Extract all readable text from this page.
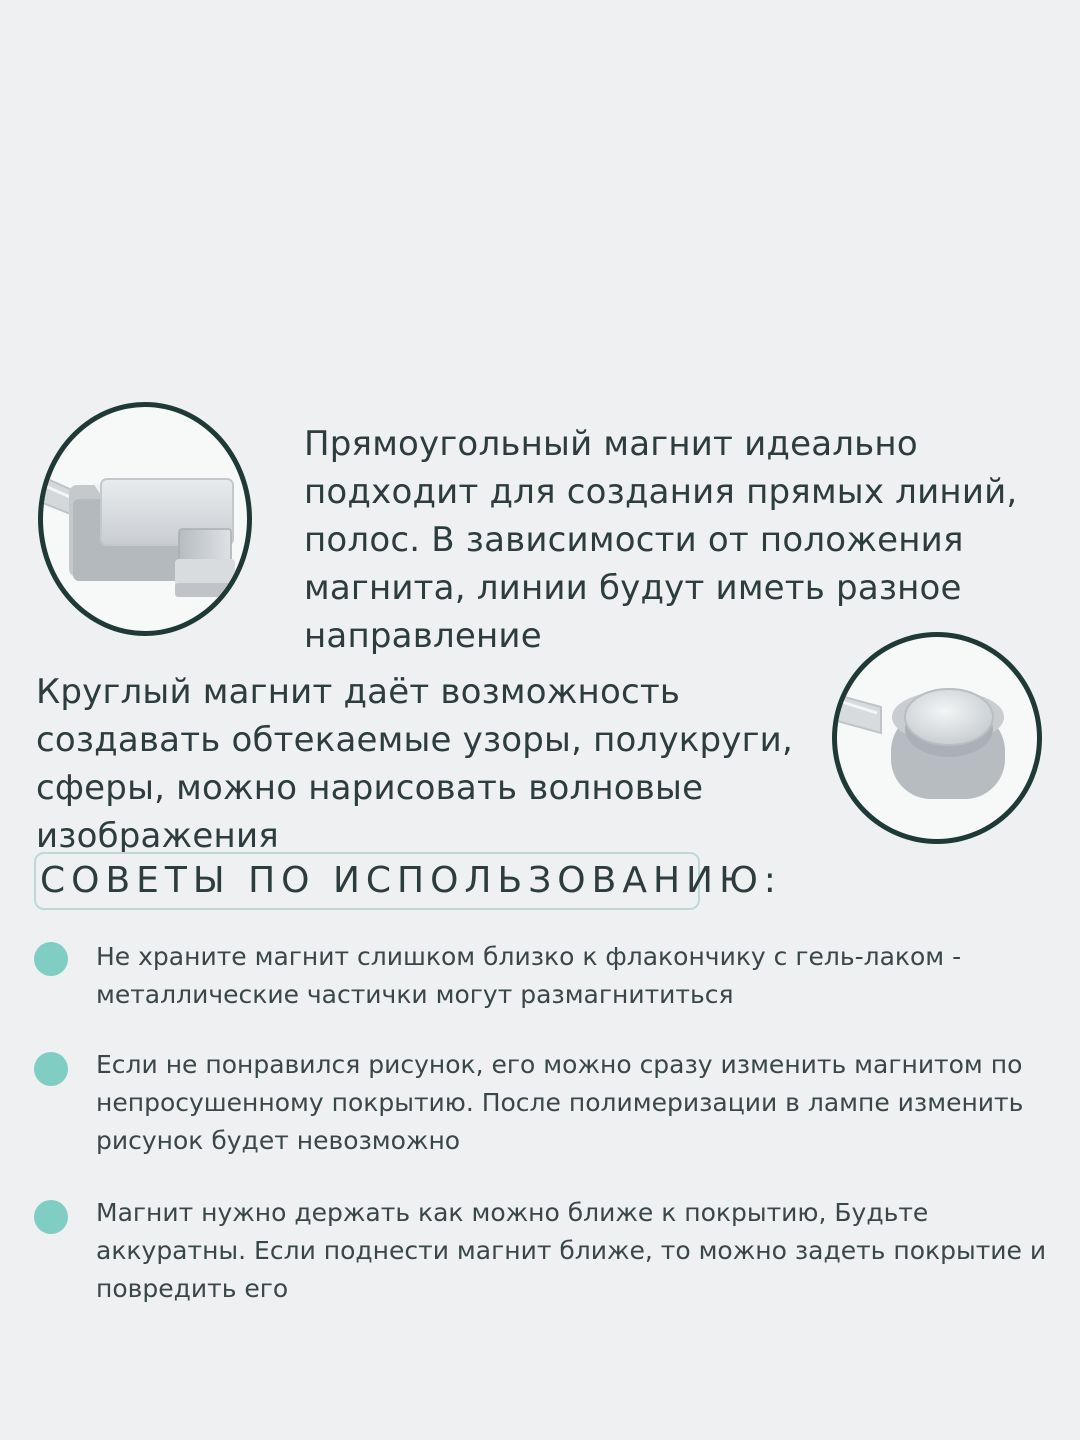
Прямоугольный магнит идеально подходит для создания прямых линий, полос. В зависимости от положения магнита, линии будут иметь разное направление

Круглый магнит даёт возможность создавать обтекаемые узоры, полукруги, сферы, можно нарисовать волновые изображения

СОВЕТЫ ПО ИСПОЛЬЗОВАНИЮ:

Не храните магнит слишком близко к флакончику с гель-лаком - металлические частички могут размагнититься

Если не понравился рисунок, его можно сразу изменить магнитом по непросушенному покрытию. После полимеризации в лампе изменить рисунок будет невозможно

Магнит нужно держать как можно ближе к покрытию, Будьте аккуратны. Если поднести магнит ближе, то можно задеть покрытие и повредить его
